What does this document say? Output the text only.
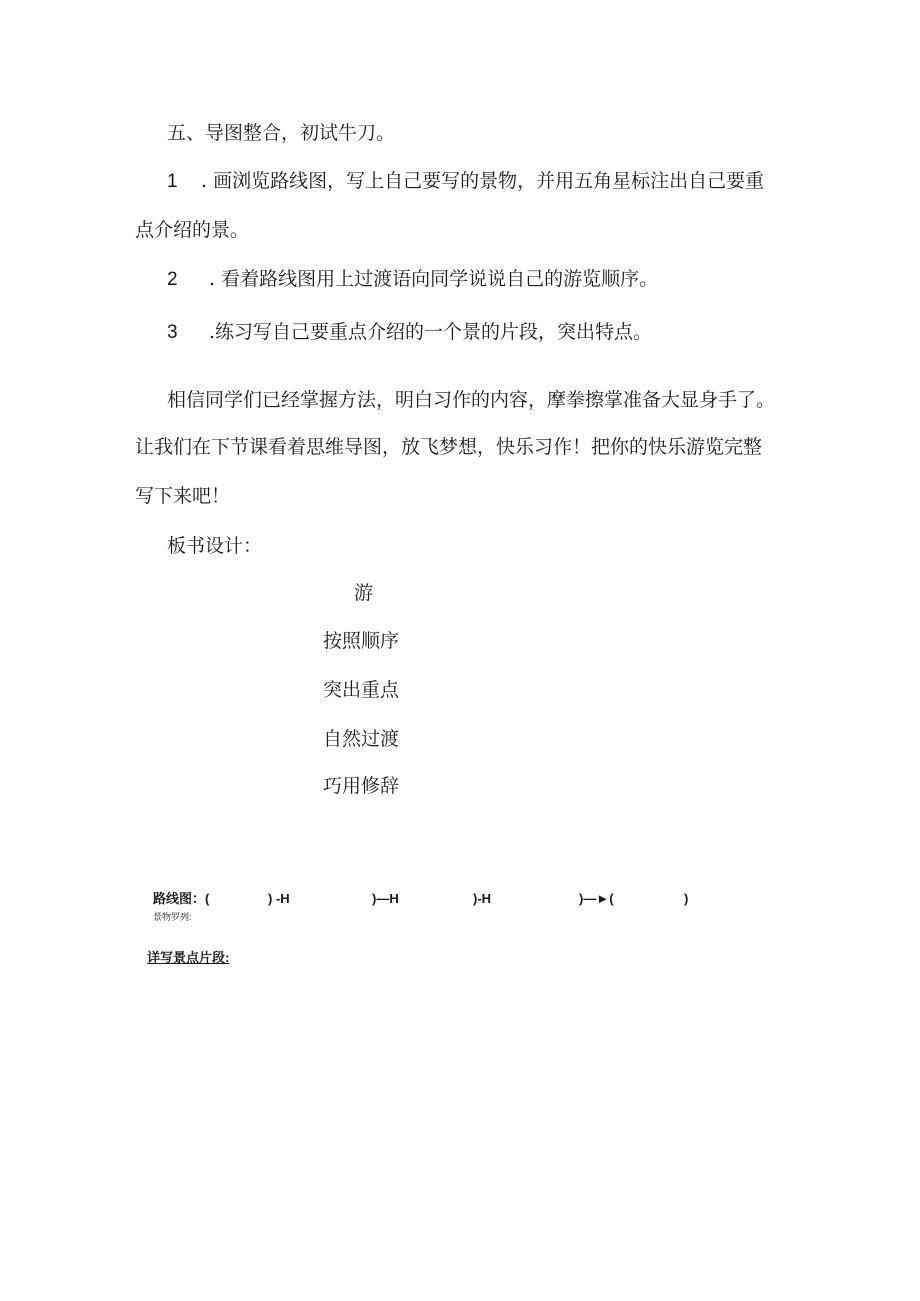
五、导图整合，初试牛刀。
1 . 画浏览路线图，写上自己要写的景物，并用五角星标注出自己要重
点介绍的景。
2 . 看着路线图用上过渡语向同学说说自己的游览顺序。
3 .练习写自己要重点介绍的一个景的片段，突出特点。
相信同学们已经掌握方法，明白习作的内容，摩拳擦掌准备大显身手了。
让我们在下节课看着思维导图，放飞梦想，快乐习作！把你的快乐游览完整
写下来吧！
板书设计：
游
按照顺序
突出重点
自然过渡
巧用修辞
路线图：(	) -H	)—H	)-H	)—►(	)
景物罗列:
详写景点片段:
